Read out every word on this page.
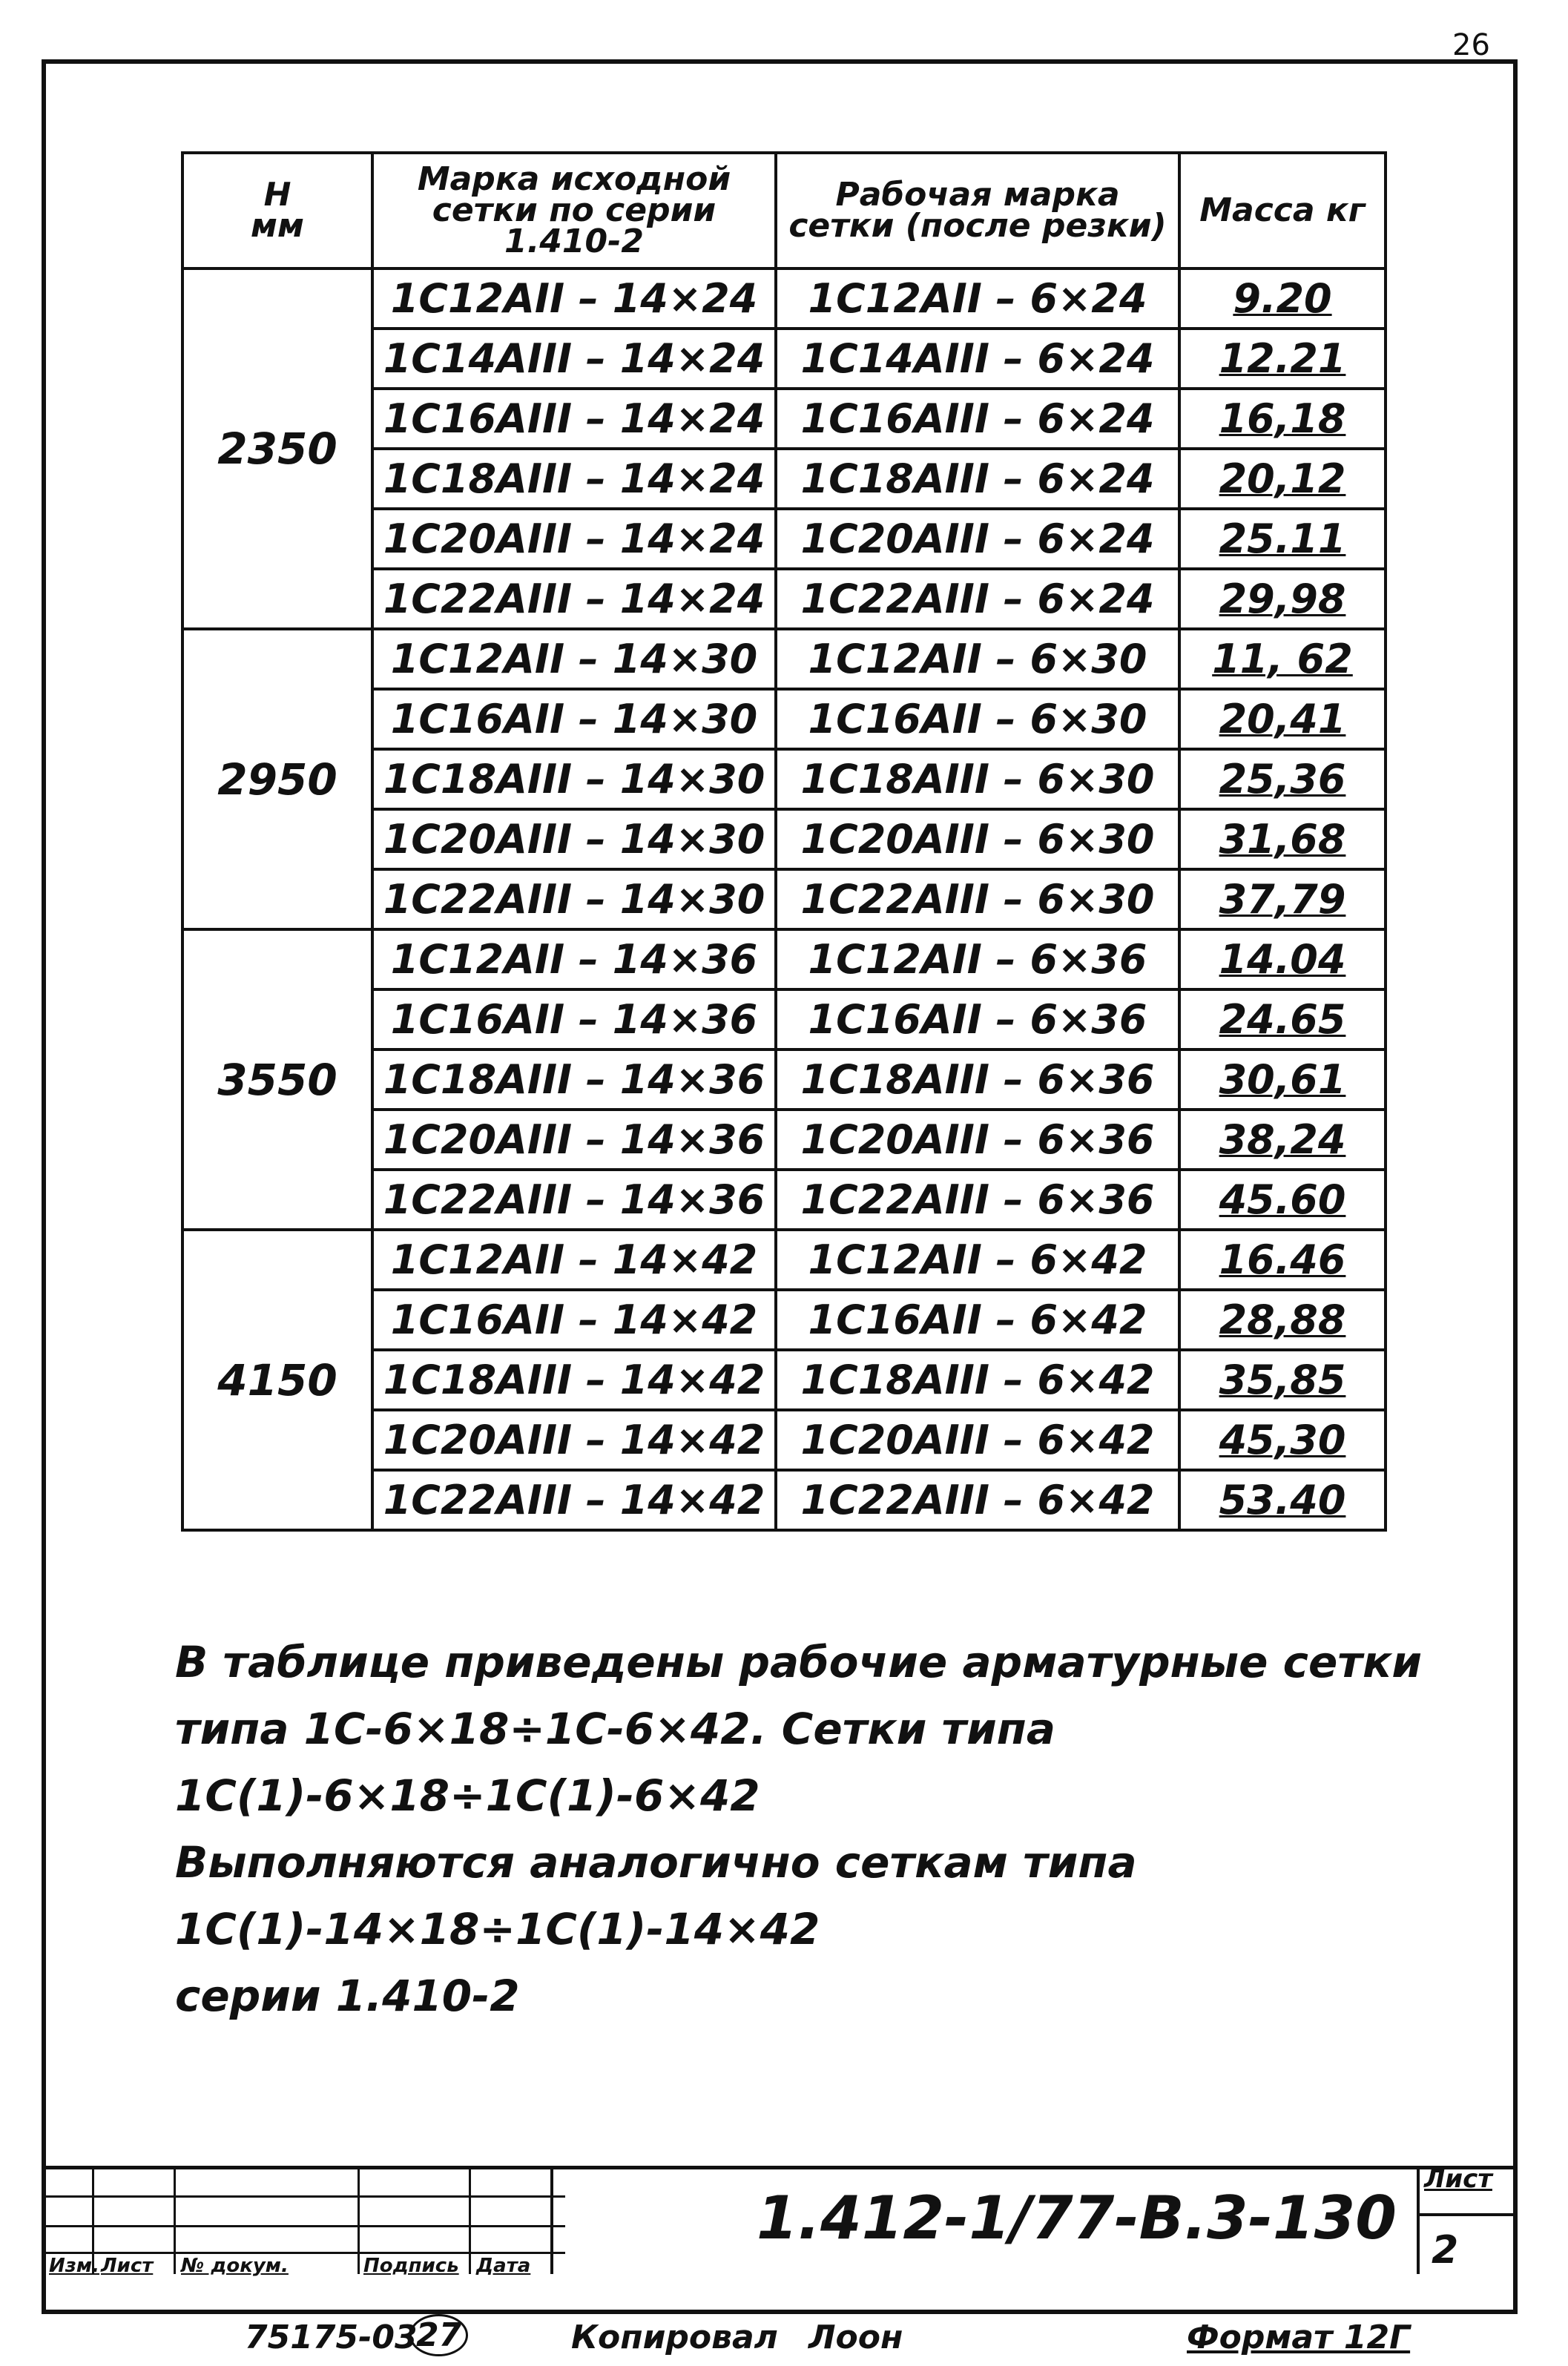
26
Н
мм	Марка исходной сетки по серии 1.410-2	Рабочая марка сетки (после резки)	Масса кг
2350	1С12АII – 14×24	1С12АII – 6×24	9.20
	1С14АIII – 14×24	1С14АIII – 6×24	12.21
	1С16АIII – 14×24	1С16АIII – 6×24	16,18
	1С18АIII – 14×24	1С18АIII – 6×24	20,12
	1С20АIII – 14×24	1С20АIII – 6×24	25.11
	1С22АIII – 14×24	1С22АIII – 6×24	29,98
2950	1С12АII – 14×30	1С12АII – 6×30	11, 62
	1С16АII – 14×30	1С16АII – 6×30	20,41
	1С18АIII – 14×30	1С18АIII – 6×30	25,36
	1С20АIII – 14×30	1С20АIII – 6×30	31,68
	1С22АIII – 14×30	1С22АIII – 6×30	37,79
3550	1С12АII – 14×36	1С12АII – 6×36	14.04
	1С16АII – 14×36	1С16АII – 6×36	24.65
	1С18АIII – 14×36	1С18АIII – 6×36	30,61
	1С20АIII – 14×36	1С20АIII – 6×36	38,24
	1С22АIII – 14×36	1С22АIII – 6×36	45.60
4150	1С12АII – 14×42	1С12АII – 6×42	16.46
	1С16АII – 14×42	1С16АII – 6×42	28,88
	1С18АIII – 14×42	1С18АIII – 6×42	35,85
	1С20АIII – 14×42	1С20АIII – 6×42	45,30
	1С22АIII – 14×42	1С22АIII – 6×42	53.40
В таблице приведены рабочие арматурные сетки
типа 1С-6×18÷1С-6×42. Сетки типа 1С(1)-6×18÷1С(1)-6×42
Выполняются аналогично сеткам типа 1С(1)-14×18÷1С(1)-14×42
серии 1.410-2
Изм. Лист № докум.	Подпись Дата
1.412-1/77-В.3-130
Лист
2
75175-03
27	Копировал Лоон	Формат 12Г
